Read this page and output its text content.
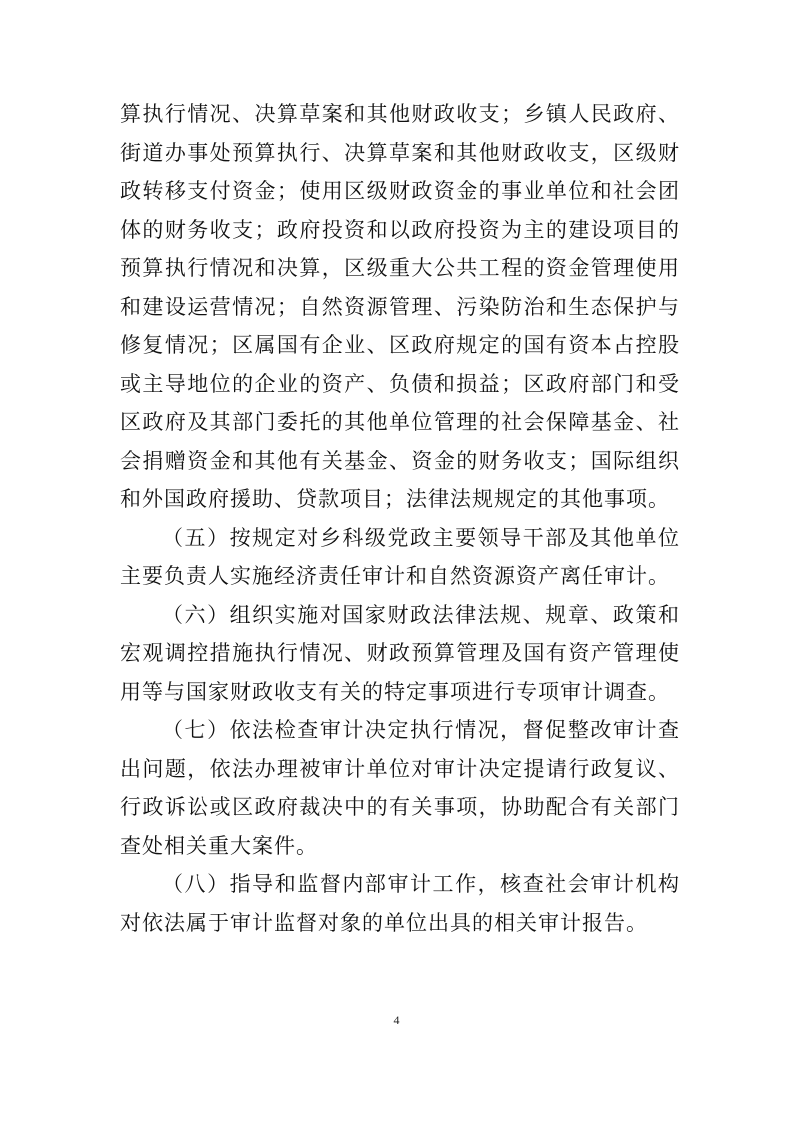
算执行情况、决算草案和其他财政收支；乡镇人民政府、街道办事处预算执行、决算草案和其他财政收支，区级财政转移支付资金；使用区级财政资金的事业单位和社会团体的财务收支；政府投资和以政府投资为主的建设项目的预算执行情况和决算，区级重大公共工程的资金管理使用和建设运营情况；自然资源管理、污染防治和生态保护与修复情况；区属国有企业、区政府规定的国有资本占控股或主导地位的企业的资产、负债和损益；区政府部门和受区政府及其部门委托的其他单位管理的社会保障基金、社会捐赠资金和其他有关基金、资金的财务收支；国际组织和外国政府援助、贷款项目；法律法规规定的其他事项。

（五）按规定对乡科级党政主要领导干部及其他单位主要负责人实施经济责任审计和自然资源资产离任审计。

（六）组织实施对国家财政法律法规、规章、政策和宏观调控措施执行情况、财政预算管理及国有资产管理使用等与国家财政收支有关的特定事项进行专项审计调查。

（七）依法检查审计决定执行情况，督促整改审计查出问题，依法办理被审计单位对审计决定提请行政复议、行政诉讼或区政府裁决中的有关事项，协助配合有关部门查处相关重大案件。

（八）指导和监督内部审计工作，核查社会审计机构对依法属于审计监督对象的单位出具的相关审计报告。

4
